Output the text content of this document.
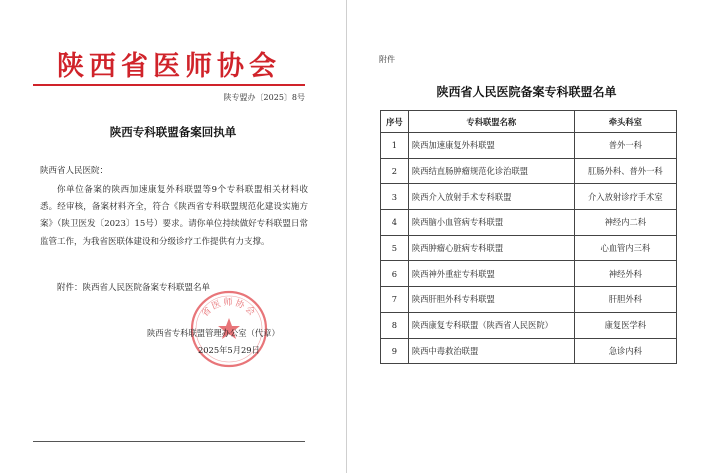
陕西省医师协会
陕专盟办〔2025〕8号
陕西专科联盟备案回执单
陕西省人民医院：
你单位备案的陕西加速康复外科联盟等9个专科联盟相关材料收悉。经审核，备案材料齐全，符合《陕西省专科联盟规范化建设实施方案》（陕卫医发〔2023〕15号）要求。请你单位持续做好专科联盟日常监管工作，为我省医联体建设和分级诊疗工作提供有力支撑。
附件：陕西省人民医院备案专科联盟名单
省医师协会
陕西省专科联盟管理办公室（代章）
2025年5月29日
附件
陕西省人民医院备案专科联盟名单
序号	专科联盟名称	牵头科室
1	陕西加速康复外科联盟	普外一科
2	陕西结直肠肿瘤规范化诊治联盟	肛肠外科、普外一科
3	陕西介入放射手术专科联盟	介入放射诊疗手术室
4	陕西脑小血管病专科联盟	神经内二科
5	陕西肿瘤心脏病专科联盟	心血管内三科
6	陕西神外重症专科联盟	神经外科
7	陕西肝胆外科专科联盟	肝胆外科
8	陕西康复专科联盟（陕西省人民医院）	康复医学科
9	陕西中毒救治联盟	急诊内科
